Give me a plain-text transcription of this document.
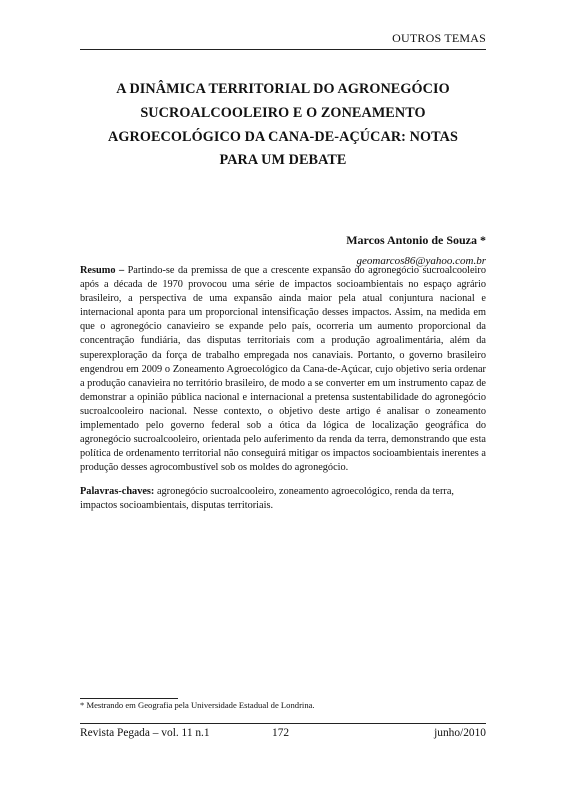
OUTROS TEMAS
A DINÂMICA TERRITORIAL DO AGRONEGÓCIO
SUCROALCOOLEIRO E O ZONEAMENTO
AGROECOLÓGICO DA CANA-DE-AÇÚCAR: NOTAS
PARA UM DEBATE
Marcos Antonio de Souza *
geomarcos86@yahoo.com.br

Resumo – Partindo-se da premissa de que a crescente expansão do agronegócio sucroalcooleiro após a década de 1970 provocou uma série de impactos socioambientais no espaço agrário brasileiro, a perspectiva de uma expansão ainda maior pela atual conjuntura nacional e internacional aponta para um proporcional intensificação desses impactos. Assim, na medida em que o agronegócio canavieiro se expande pelo país, ocorreria um aumento proporcional da concentração fundiária, das disputas territoriais com a produção agroalimentária, além da superexploração da força de trabalho empregada nos canaviais. Portanto, o governo brasileiro engendrou em 2009 o Zoneamento Agroecológico da Cana-de-Açúcar, cujo objetivo seria ordenar a produção canavieira no território brasileiro, de modo a se converter em um instrumento capaz de demonstrar a opinião pública nacional e internacional a pretensa sustentabilidade do agronegócio sucroalcooleiro nacional. Nesse contexto, o objetivo deste artigo é analisar o zoneamento implementado pelo governo federal sob a ótica da lógica de localização geográfica do agronegócio sucroalcooleiro, orientada pelo auferimento da renda da terra, demonstrando que esta política de ordenamento territorial não conseguirá mitigar os impactos socioambientais inerentes a produção desses agrocombustível sob os moldes do agronegócio.

Palavras-chaves: agronegócio sucroalcooleiro, zoneamento agroecológico, renda da terra, impactos socioambientais, disputas territoriais.
* Mestrando em Geografia pela Universidade Estadual de Londrina.
Revista Pegada – vol. 11 n.1	172	junho/2010
